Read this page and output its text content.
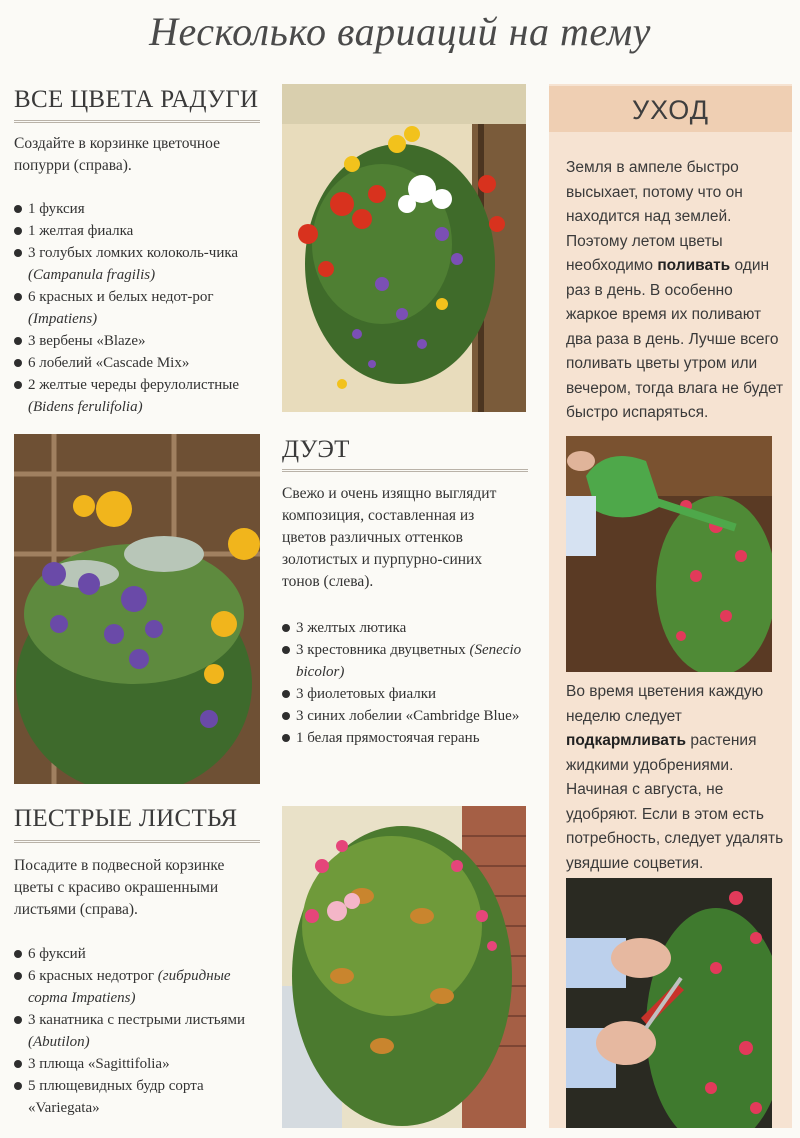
Несколько вариаций на тему
ВСЕ ЦВЕТА РАДУГИ
Создайте в корзинке цветочное попурри (справа).
1 фуксия
1 желтая фиалка
3 голубых ломких колоколь-чика (Campanula fragilis)
6 красных и белых недот-рог (Impatiens)
3 вербены «Blaze»
6 лобелий «Cascade Mix»
2 желтые череды ферулолистные (Bidens ferulifolia)
ДУЭТ
Свежо и очень изящно выглядит композиция, составленная из цветов различных оттенков золотистых и пурпурно-синих тонов (слева).
3 желтых лютика
3 крестовника двуцветных (Senecio bicolor)
3 фиолетовых фиалки
3 синих лобелии «Cambridge Blue»
1 белая прямостоячая герань
ПЕСТРЫЕ ЛИСТЬЯ
Посадите в подвесной корзинке цветы с красиво окрашенными листьями (справа).
6 фуксий
6 красных недотрог (гибридные сорта Impatiens)
3 канатника с пестрыми листьями (Abutilon)
3 плюща «Sagittifolia»
5 плющевидных будр сорта «Variegata»
УХОД
Земля в ампеле быстро высыхает, потому что он находится над землей. Поэтому летом цветы необходимо поливать один раз в день. В особенно жаркое время их поливают два раза в день. Лучше всего поливать цветы утром или вечером, тогда влага не будет быстро испаряться.
Во время цветения каждую неделю следует подкармливать растения жидкими удобрениями. Начиная с августа, не удобряют. Если в этом есть потребность, следует удалять увядшие соцветия.
